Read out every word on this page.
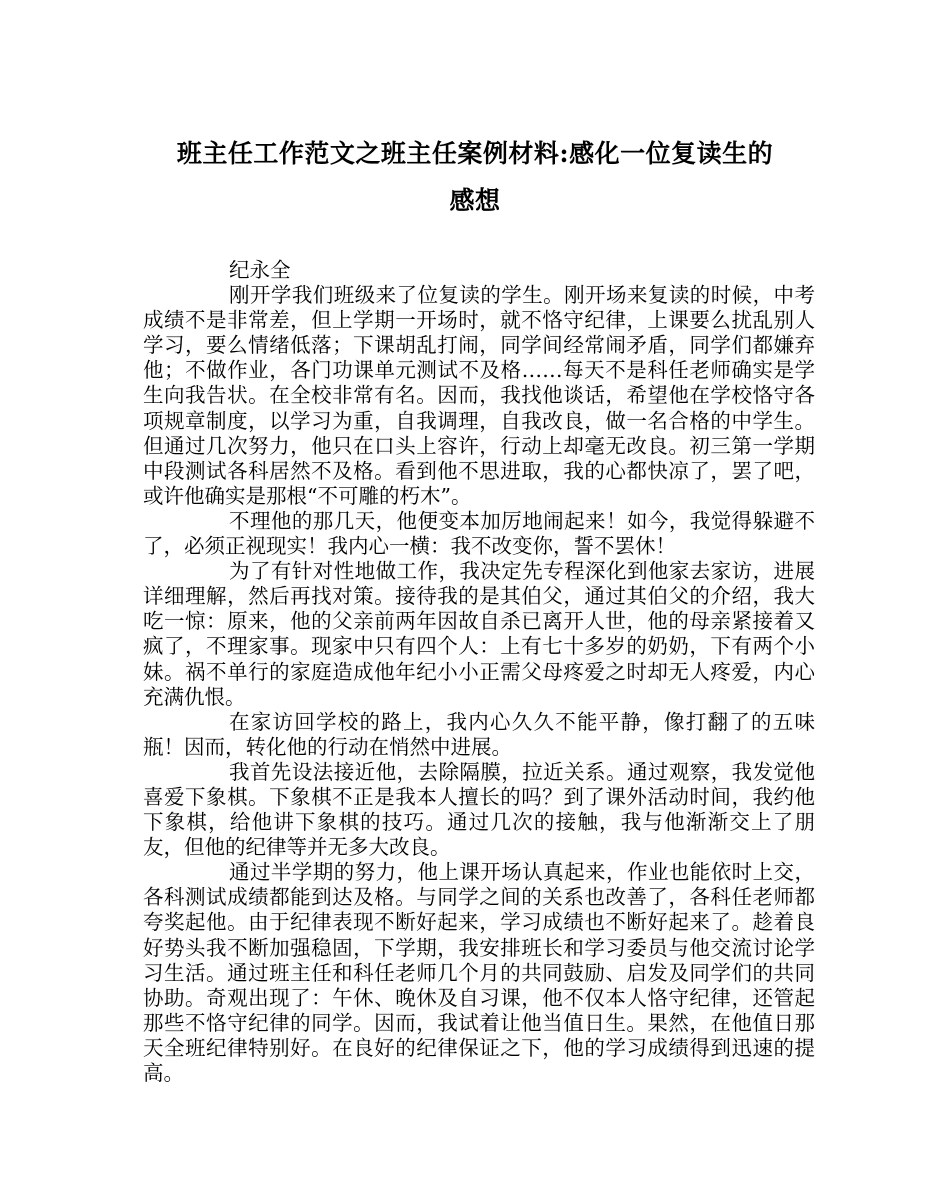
班主任工作范文之班主任案例材料:感化一位复读生的
感想
纪永全

刚开学我们班级来了位复读的学生。刚开场来复读的时候，中考成绩不是非常差，但上学期一开场时，就不恪守纪律，上课要么扰乱别人学习，要么情绪低落；下课胡乱打闹，同学间经常闹矛盾，同学们都嫌弃他；不做作业，各门功课单元测试不及格……每天不是科任老师确实是学生向我告状。在全校非常有名。因而，我找他谈话，希望他在学校恪守各项规章制度，以学习为重，自我调理，自我改良，做一名合格的中学生。但通过几次努力，他只在口头上容许，行动上却毫无改良。初三第一学期中段测试各科居然不及格。看到他不思进取，我的心都快凉了，罢了吧，或许他确实是那根“不可雕的朽木”。

不理他的那几天，他便变本加厉地闹起来！如今，我觉得躲避不了，必须正视现实！我内心一横：我不改变你，誓不罢休！

为了有针对性地做工作，我决定先专程深化到他家去家访，进展详细理解，然后再找对策。接待我的是其伯父，通过其伯父的介绍，我大吃一惊：原来，他的父亲前两年因故自杀已离开人世，他的母亲紧接着又疯了，不理家事。现家中只有四个人：上有七十多岁的奶奶，下有两个小妹。祸不单行的家庭造成他年纪小小正需父母疼爱之时却无人疼爱，内心充满仇恨。

在家访回学校的路上，我内心久久不能平静，像打翻了的五味瓶！因而，转化他的行动在悄然中进展。

我首先设法接近他，去除隔膜，拉近关系。通过观察，我发觉他喜爱下象棋。下象棋不正是我本人擅长的吗？到了课外活动时间，我约他下象棋，给他讲下象棋的技巧。通过几次的接触，我与他渐渐交上了朋友，但他的纪律等并无多大改良。

通过半学期的努力，他上课开场认真起来，作业也能依时上交，各科测试成绩都能到达及格。与同学之间的关系也改善了，各科任老师都夸奖起他。由于纪律表现不断好起来，学习成绩也不断好起来了。趁着良好势头我不断加强稳固，下学期，我安排班长和学习委员与他交流讨论学习生活。通过班主任和科任老师几个月的共同鼓励、启发及同学们的共同协助。奇观出现了：午休、晚休及自习课，他不仅本人恪守纪律，还管起那些不恪守纪律的同学。因而，我试着让他当值日生。果然，在他值日那天全班纪律特别好。在良好的纪律保证之下，他的学习成绩得到迅速的提高。
